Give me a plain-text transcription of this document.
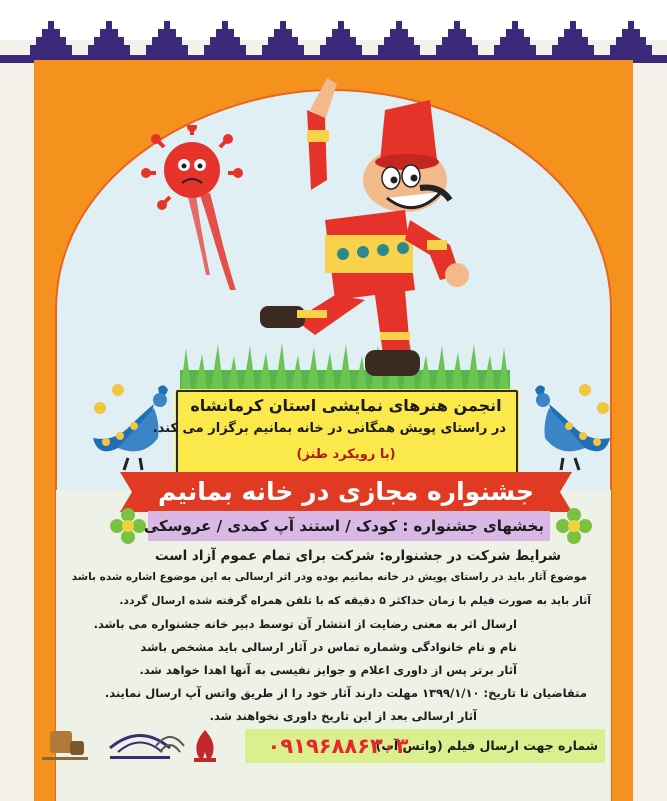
انجمن هنرهای نمایشی استان کرمانشاه
در راستای پویش همگانی در خانه بمانیم برگزار می کند.
(با رویکرد طنز)
جشنواره مجازی در خانه بمانیم
بخشهای جشنواره : کودک / استند آپ کمدی / عروسکی
شرایط شرکت در جشنواره: شرکت برای تمام عموم آزاد است
موضوع آثار باید در راستای پویش در خانه بمانیم بوده ودر اثر ارسالی به این موضوع اشاره شده باشد
آثار باید به صورت فیلم با زمان حداکثر ۵ دقیقه که با تلفن همراه گرفته شده ارسال گردد.
ارسال اثر به معنی رضایت از انتشار آن توسط دبیر خانه جشنواره می باشد.
نام و نام خانوادگی وشماره تماس در آثار ارسالی باید مشخص باشد
آثار برتر پس از داوری اعلام و جوایز نفیسی به آنها اهدا خواهد شد.
متقاضیان تا تاریخ: ۱۳۹۹/۱/۱۰ مهلت دارند آثار خود را از طریق واتس آپ ارسال نمایند.
آثار ارسالی بعد از این تاریخ داوری نخواهند شد.
شماره جهت ارسال فیلم (واتس آپ)
۰۹۱۹۶۸۸۶۳۰۳
